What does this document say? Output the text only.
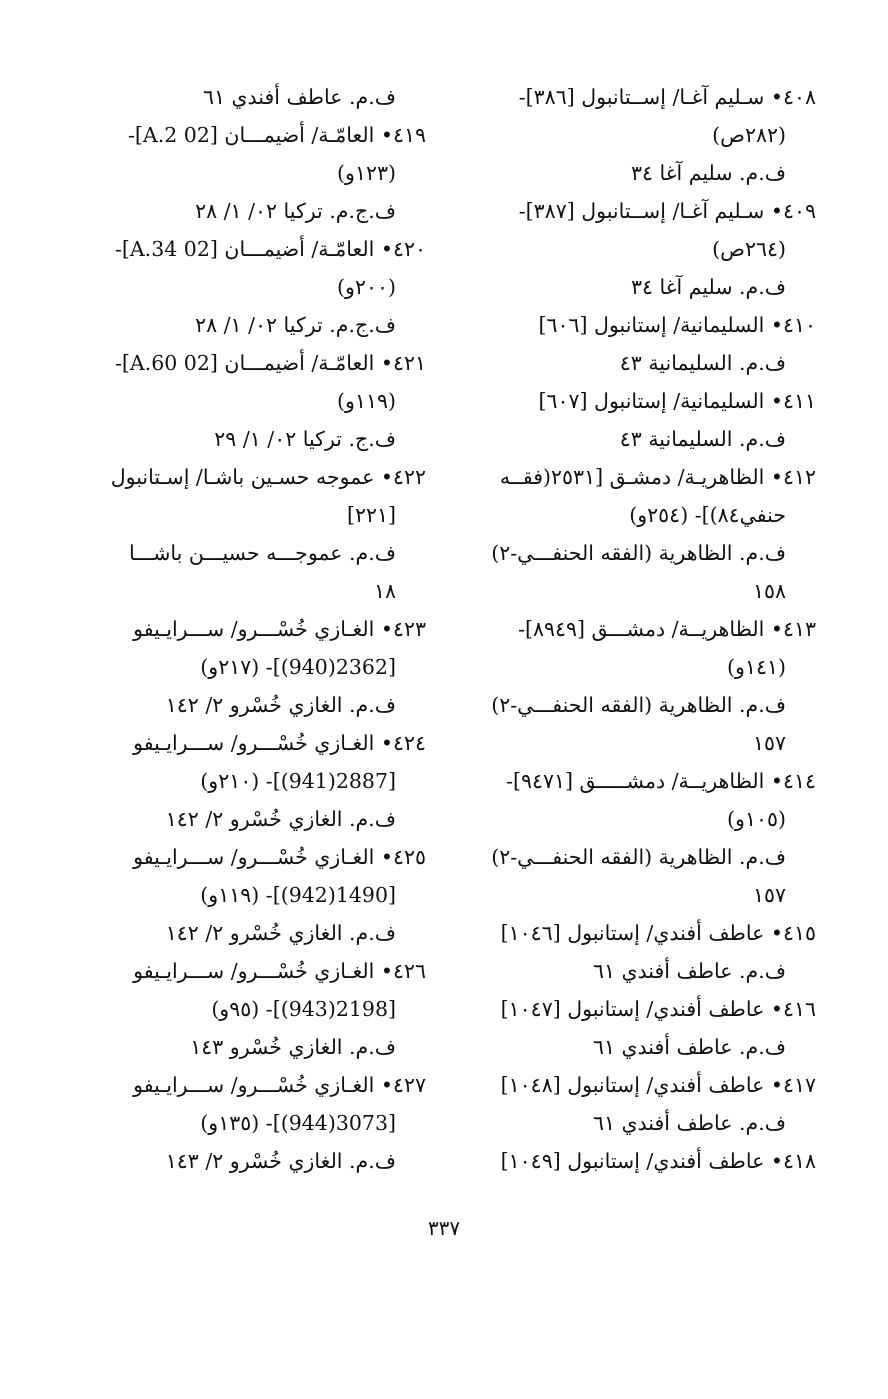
٤٠٨• سـليم آغـا/ إســتانبول [٣٨٦]-
(٢٨٢ص)
ف.م. سليم آغا ٣٤
٤٠٩• سـليم آغـا/ إســتانبول [٣٨٧]-
(٢٦٤ص)
ف.م. سليم آغا ٣٤
٤١٠• السليمانية/ إستانبول [٦٠٦]
ف.م. السليمانية ٤٣
٤١١• السليمانية/ إستانبول [٦٠٧]
ف.م. السليمانية ٤٣
٤١٢• الظاهريـة/ دمشـق [٢٥٣١(فقــه
حنفي٨٤)]- (٢٥٤و)
ف.م. الظاهرية (الفقه الحنفـــي-٢)
١٥٨
٤١٣• الظاهريــة/ دمشـــق [٨٩٤٩]-
(١٤١و)
ف.م. الظاهرية (الفقه الحنفـــي-٢)
١٥٧
٤١٤• الظاهريــة/ دمشـــــق [٩٤٧١]-
(١٠٥و)
ف.م. الظاهرية (الفقه الحنفـــي-٢)
١٥٧
٤١٥• عاطف أفندي/ إستانبول [١٠٤٦]
ف.م. عاطف أفندي ٦١
٤١٦• عاطف أفندي/ إستانبول [١٠٤٧]
ف.م. عاطف أفندي ٦١
٤١٧• عاطف أفندي/ إستانبول [١٠٤٨]
ف.م. عاطف أفندي ٦١
٤١٨• عاطف أفندي/ إستانبول [١٠٤٩]
ف.م. عاطف أفندي ٦١
٤١٩• العامّـة/ أضيمـــان [A.2 02]-
(١٢٣و)
ف.ج.م. تركيا ٠٢/ ١/ ٢٨
٤٢٠• العامّـة/ أضيمـــان [A.34 02]-
(٢٠٠و)
ف.ج.م. تركيا ٠٢/ ١/ ٢٨
٤٢١• العامّـة/ أضيمـــان [A.60 02]-
(١١٩و)
ف.ج. تركيا ٠٢/ ١/ ٢٩
٤٢٢• عموجه حسـين باشـا/ إسـتانبول
[٢٢١]
ف.م. عموجـــه حسيـــن باشـــا
١٨
٤٢٣• الغـازي خُسْـــرو/ ســـرايـيفو
[2362(940)]- (٢١٧و)
ف.م. الغازي خُسْرو ٢/ ١٤٢
٤٢٤• الغـازي خُسْـــرو/ ســـرايـيفو
[2887(941)]- (٢١٠و)
ف.م. الغازي خُسْرو ٢/ ١٤٢
٤٢٥• الغـازي خُسْـــرو/ ســـرايـيفو
[1490(942)]- (١١٩و)
ف.م. الغازي خُسْرو ٢/ ١٤٢
٤٢٦• الغـازي خُسْـــرو/ ســـرايـيفو
[2198(943)]- (٩٥و)
ف.م. الغازي خُسْرو ١٤٣
٤٢٧• الغـازي خُسْـــرو/ ســـرايـيفو
[3073(944)]- (١٣٥و)
ف.م. الغازي خُسْرو ٢/ ١٤٣
٣٣٧
